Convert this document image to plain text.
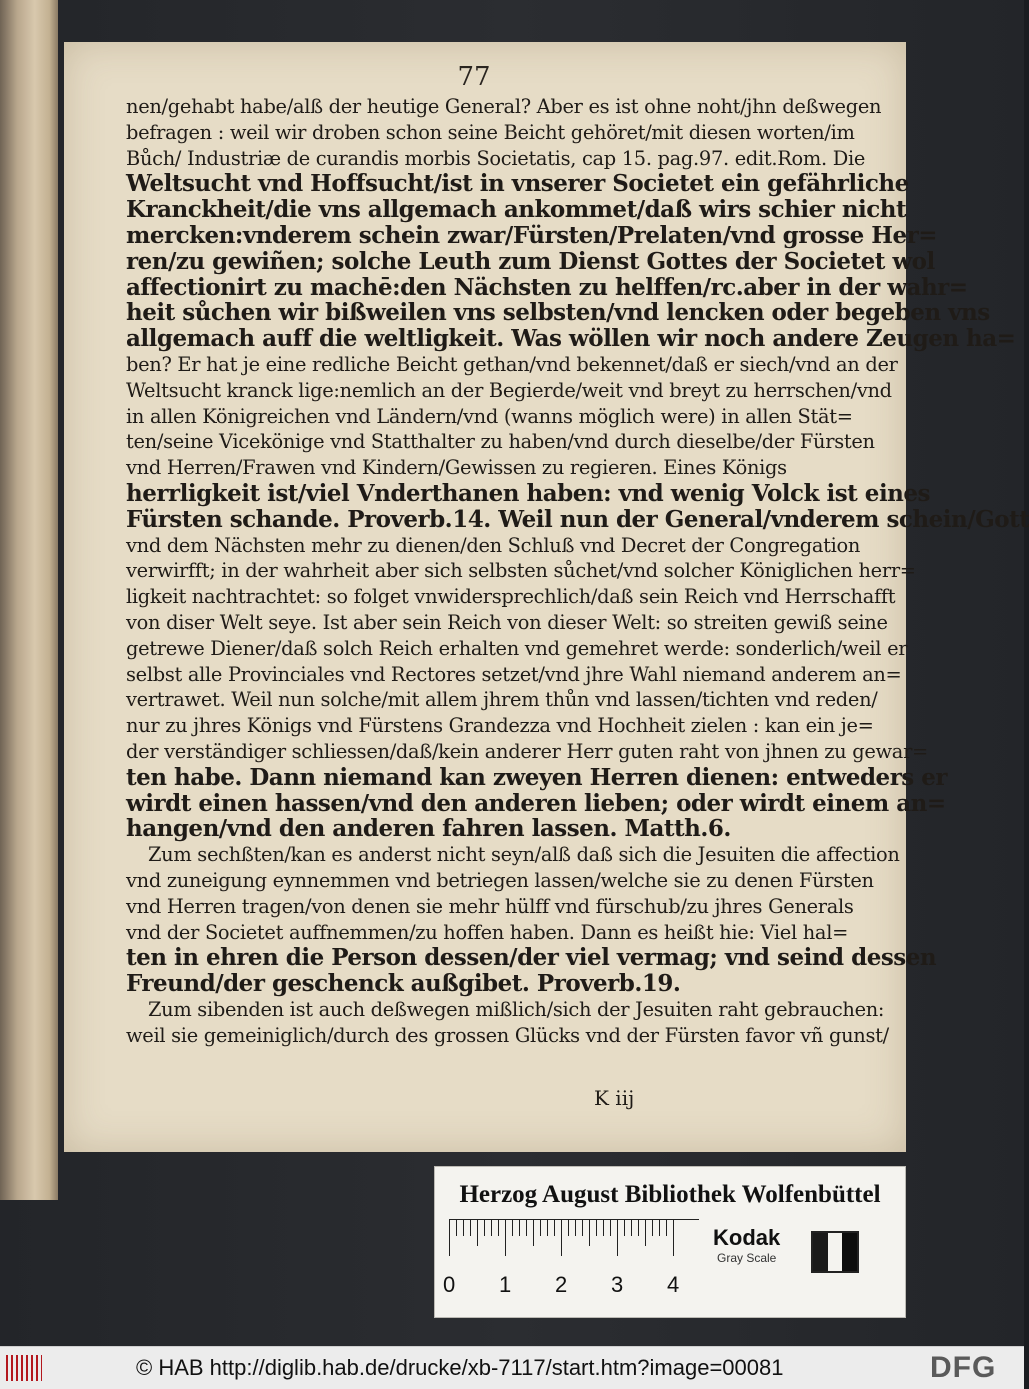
77
nen/gehabt habe/alß der heutige General? Aber es ist ohne noht/jhn deßwegen
befragen : weil wir droben schon seine Beicht gehöret/mit diesen worten/im
Bůch/ Industriæ de curandis morbis Societatis, cap 15. pag.97. edit.Rom. Die
Weltsucht vnd Hoffsucht/ist in vnserer Societet ein gefährliche
Kranckheit/die vns allgemach ankommet/daß wirs schier nicht
mercken:vnderem schein zwar/Fürsten/Prelaten/vnd grosse Her=
ren/zu gewiñen; solche Leuth zum Dienst Gottes der Societet wol
affectionirt zu machē:den Nächsten zu helffen/rc.aber in der wahr=
heit sůchen wir bißweilen vns selbsten/vnd lencken oder begeben vns
allgemach auff die weltligkeit. Was wöllen wir noch andere Zeugen ha=
ben? Er hat je eine redliche Beicht gethan/vnd bekennet/daß er siech/vnd an der
Weltsucht kranck lige:nemlich an der Begierde/weit vnd breyt zu herrschen/vnd
in allen Königreichen vnd Ländern/vnd (wanns möglich were) in allen Stät=
ten/seine Vicekönige vnd Statthalter zu haben/vnd durch dieselbe/der Fürsten
vnd Herren/Frawen vnd Kindern/Gewissen zu regieren. Eines Königs
herrligkeit ist/viel Vnderthanen haben: vnd wenig Volck ist eines
Fürsten schande. Proverb.14. Weil nun der General/vnderem schein/Gott
vnd dem Nächsten mehr zu dienen/den Schluß vnd Decret der Congregation
verwirfft; in der wahrheit aber sich selbsten sůchet/vnd solcher Königlichen herr=
ligkeit nachtrachtet: so folget vnwidersprechlich/daß sein Reich vnd Herrschafft
von diser Welt seye. Ist aber sein Reich von dieser Welt: so streiten gewiß seine
getrewe Diener/daß solch Reich erhalten vnd gemehret werde: sonderlich/weil er
selbst alle Provinciales vnd Rectores setzet/vnd jhre Wahl niemand anderem an=
vertrawet. Weil nun solche/mit allem jhrem thůn vnd lassen/tichten vnd reden/
nur zu jhres Königs vnd Fürstens Grandezza vnd Hochheit zielen : kan ein je=
der verständiger schliessen/daß/kein anderer Herr guten raht von jhnen zu gewar=
ten habe. Dann niemand kan zweyen Herren dienen: entweders er
wirdt einen hassen/vnd den anderen lieben; oder wirdt einem an=
hangen/vnd den anderen fahren lassen. Matth.6.
Zum sechßten/kan es anderst nicht seyn/alß daß sich die Jesuiten die affection
vnd zuneigung eynnemmen vnd betriegen lassen/welche sie zu denen Fürsten
vnd Herren tragen/von denen sie mehr hülff vnd fürschub/zu jhres Generals
vnd der Societet auffnemmen/zu hoffen haben. Dann es heißt hie: Viel hal=
ten in ehren die Person dessen/der viel vermag; vnd seind dessen
Freund/der geschenck außgibet. Proverb.19.
Zum sibenden ist auch deßwegen mißlich/sich der Jesuiten raht gebrauchen:
weil sie gemeiniglich/durch des grossen Glücks vnd der Fürsten favor vñ gunst/
K iij
Herzog August Bibliothek Wolfenbüttel
0 1 2 3 4
Kodak
Gray Scale
© HAB http://diglib.hab.de/drucke/xb-7117/start.htm?image=00081	DFG
